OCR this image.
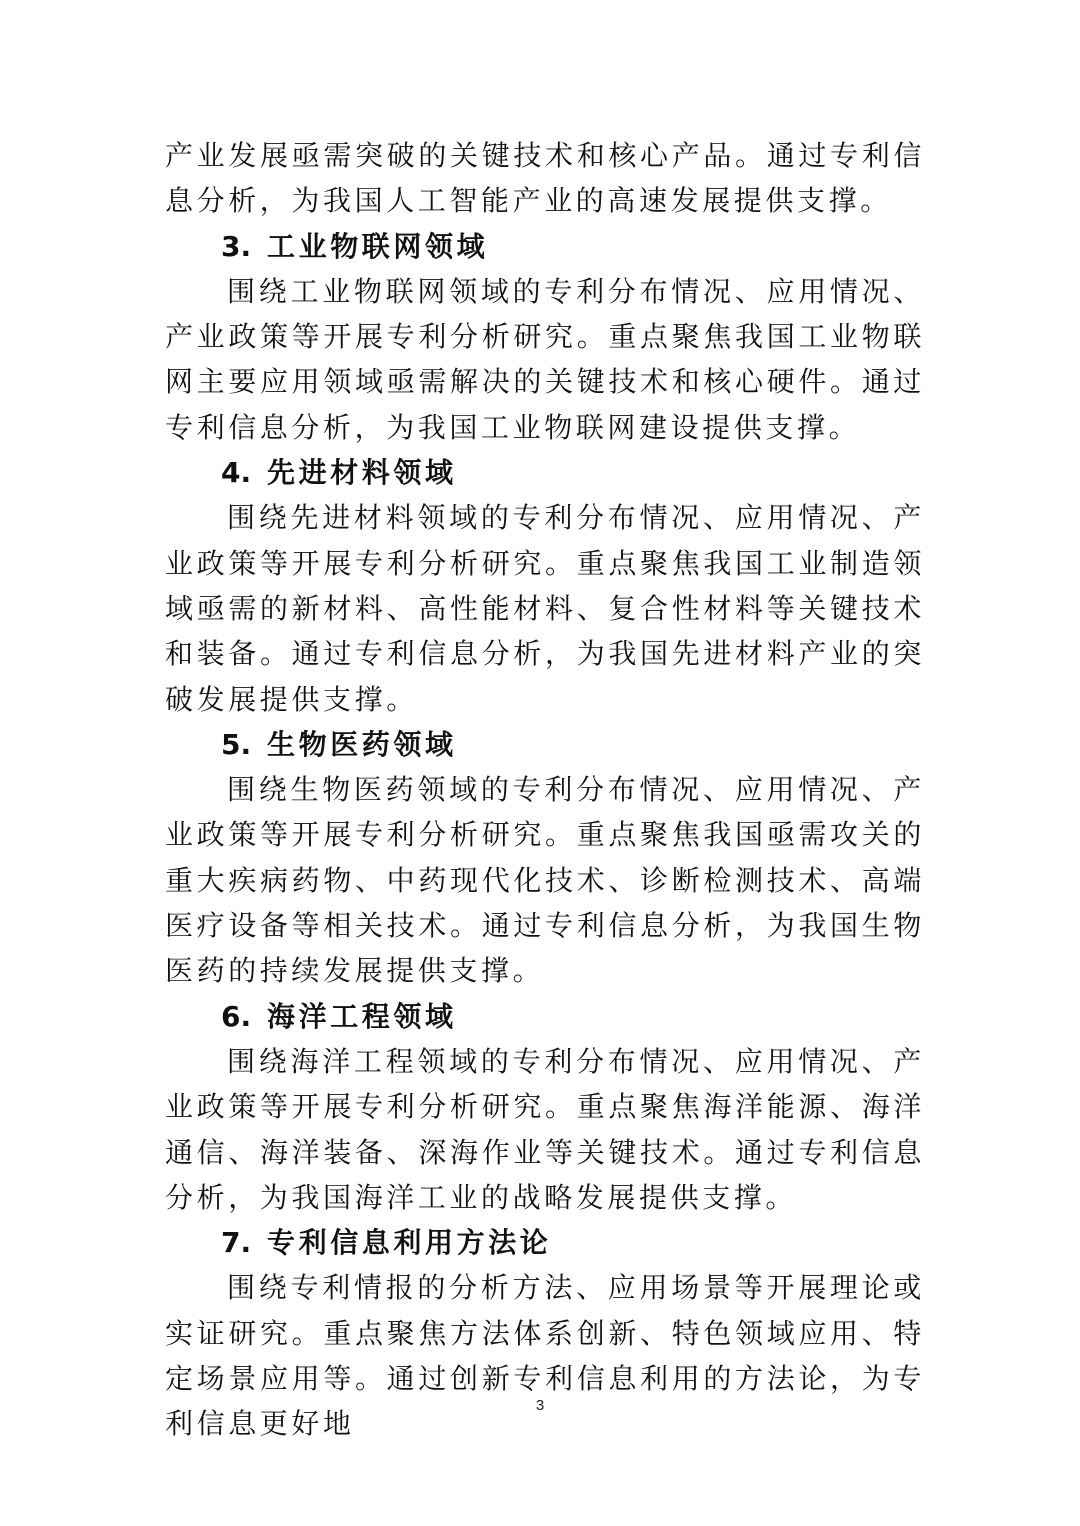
产业发展亟需突破的关键技术和核心产品。通过专利信息分析，为我国人工智能产业的高速发展提供支撑。

3. 工业物联网领域

围绕工业物联网领域的专利分布情况、应用情况、产业政策等开展专利分析研究。重点聚焦我国工业物联网主要应用领域亟需解决的关键技术和核心硬件。通过专利信息分析，为我国工业物联网建设提供支撑。

4. 先进材料领域

围绕先进材料领域的专利分布情况、应用情况、产业政策等开展专利分析研究。重点聚焦我国工业制造领域亟需的新材料、高性能材料、复合性材料等关键技术和装备。通过专利信息分析，为我国先进材料产业的突破发展提供支撑。

5. 生物医药领域

围绕生物医药领域的专利分布情况、应用情况、产业政策等开展专利分析研究。重点聚焦我国亟需攻关的重大疾病药物、中药现代化技术、诊断检测技术、高端医疗设备等相关技术。通过专利信息分析，为我国生物医药的持续发展提供支撑。

6. 海洋工程领域

围绕海洋工程领域的专利分布情况、应用情况、产业政策等开展专利分析研究。重点聚焦海洋能源、海洋通信、海洋装备、深海作业等关键技术。通过专利信息分析，为我国海洋工业的战略发展提供支撑。

7. 专利信息利用方法论

围绕专利情报的分析方法、应用场景等开展理论或实证研究。重点聚焦方法体系创新、特色领域应用、特定场景应用等。通过创新专利信息利用的方法论，为专利信息更好地

3
